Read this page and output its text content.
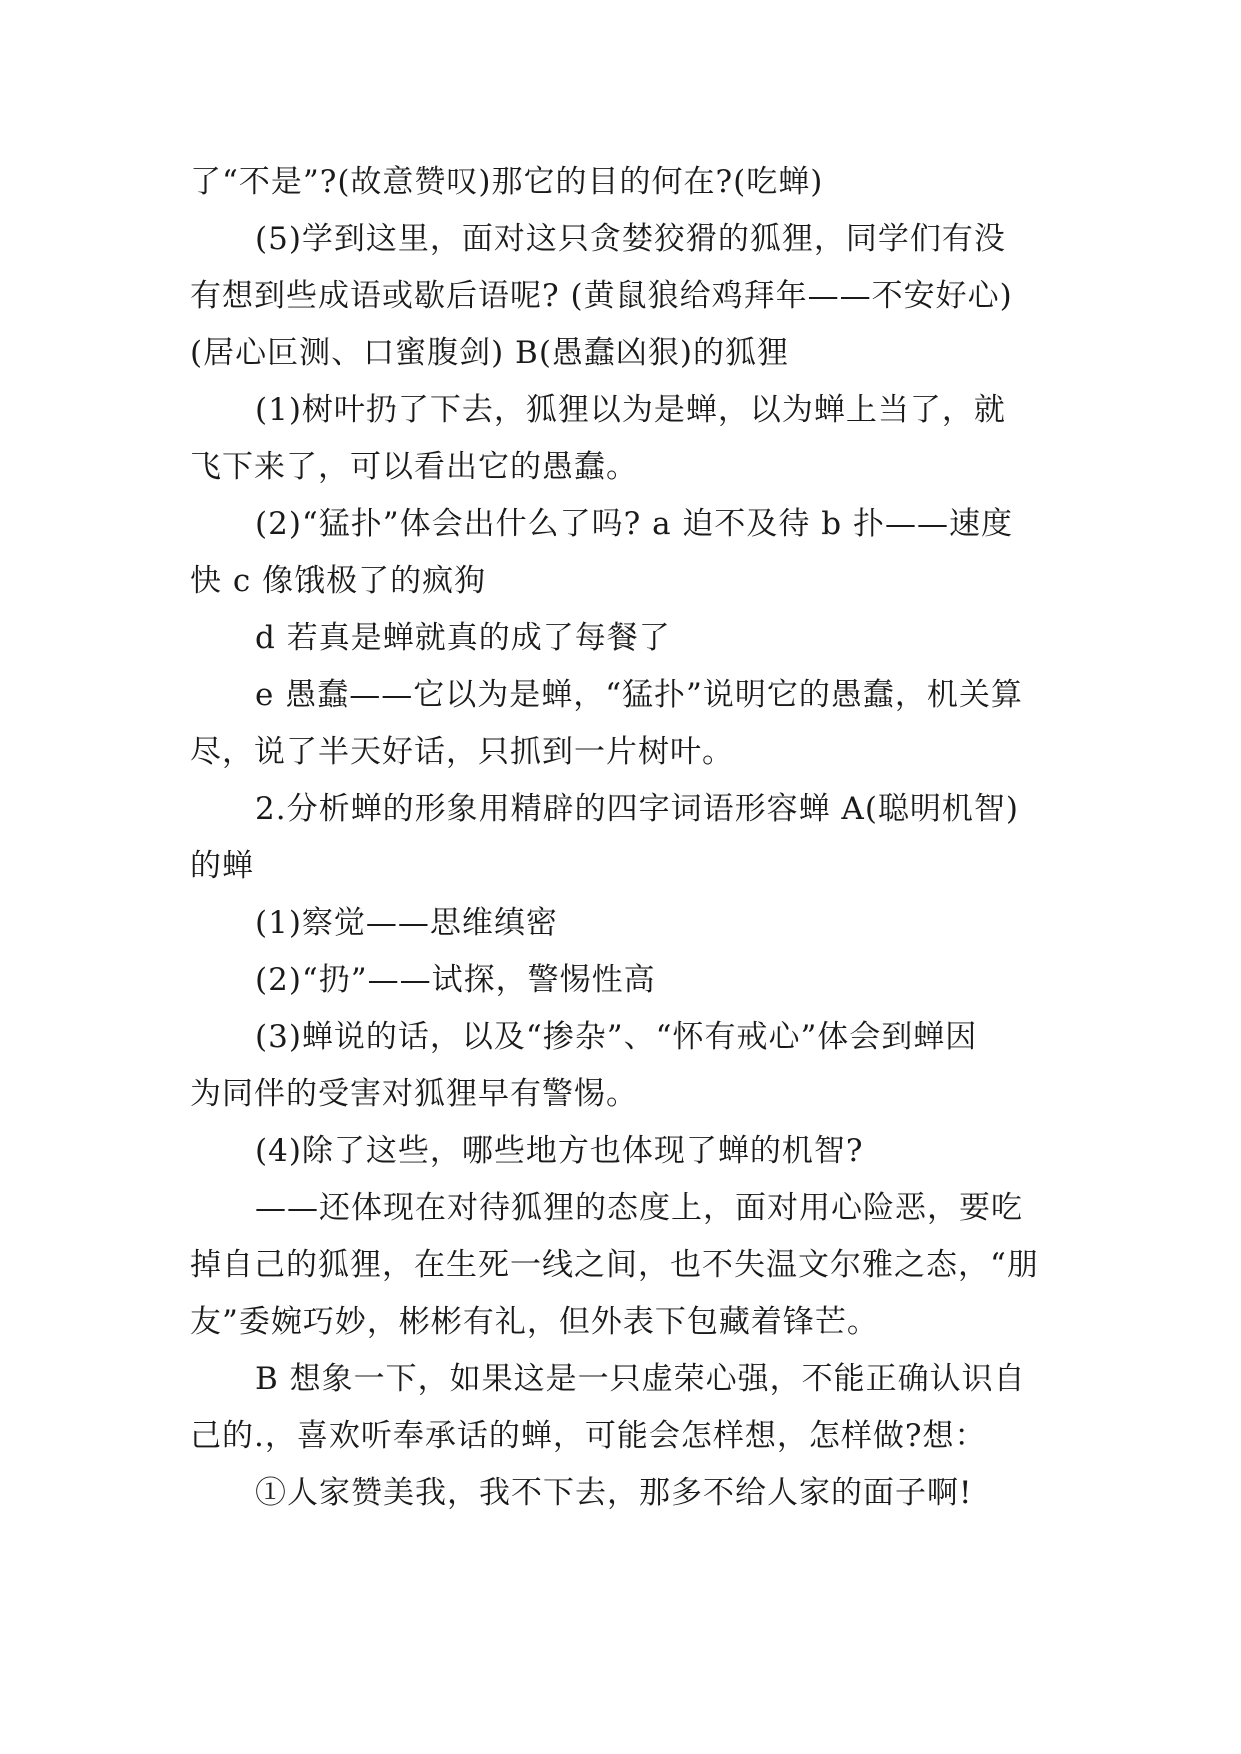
了“不是”?(故意赞叹)那它的目的何在?(吃蝉)
(5)学到这里，面对这只贪婪狡猾的狐狸，同学们有没
有想到些成语或歇后语呢? (黄鼠狼给鸡拜年——不安好心)
(居心叵测、口蜜腹剑) B(愚蠢凶狠)的狐狸
(1)树叶扔了下去，狐狸以为是蝉，以为蝉上当了，就
飞下来了，可以看出它的愚蠢。
(2)“猛扑”体会出什么了吗? a 迫不及待 b 扑——速度
快 c 像饿极了的疯狗
d 若真是蝉就真的成了每餐了
e 愚蠢——它以为是蝉，“猛扑”说明它的愚蠢，机关算
尽，说了半天好话，只抓到一片树叶。
2.分析蝉的形象用精辟的四字词语形容蝉 A(聪明机智)
的蝉
(1)察觉——思维缜密
(2)“扔”——试探，警惕性高
(3)蝉说的话，以及“掺杂”、“怀有戒心”体会到蝉因
为同伴的受害对狐狸早有警惕。
(4)除了这些，哪些地方也体现了蝉的机智?
——还体现在对待狐狸的态度上，面对用心险恶，要吃
掉自己的狐狸，在生死一线之间，也不失温文尔雅之态，“朋
友”委婉巧妙，彬彬有礼，但外表下包藏着锋芒。
B 想象一下，如果这是一只虚荣心强，不能正确认识自
己的.，喜欢听奉承话的蝉，可能会怎样想，怎样做?想：
①人家赞美我，我不下去，那多不给人家的面子啊!
